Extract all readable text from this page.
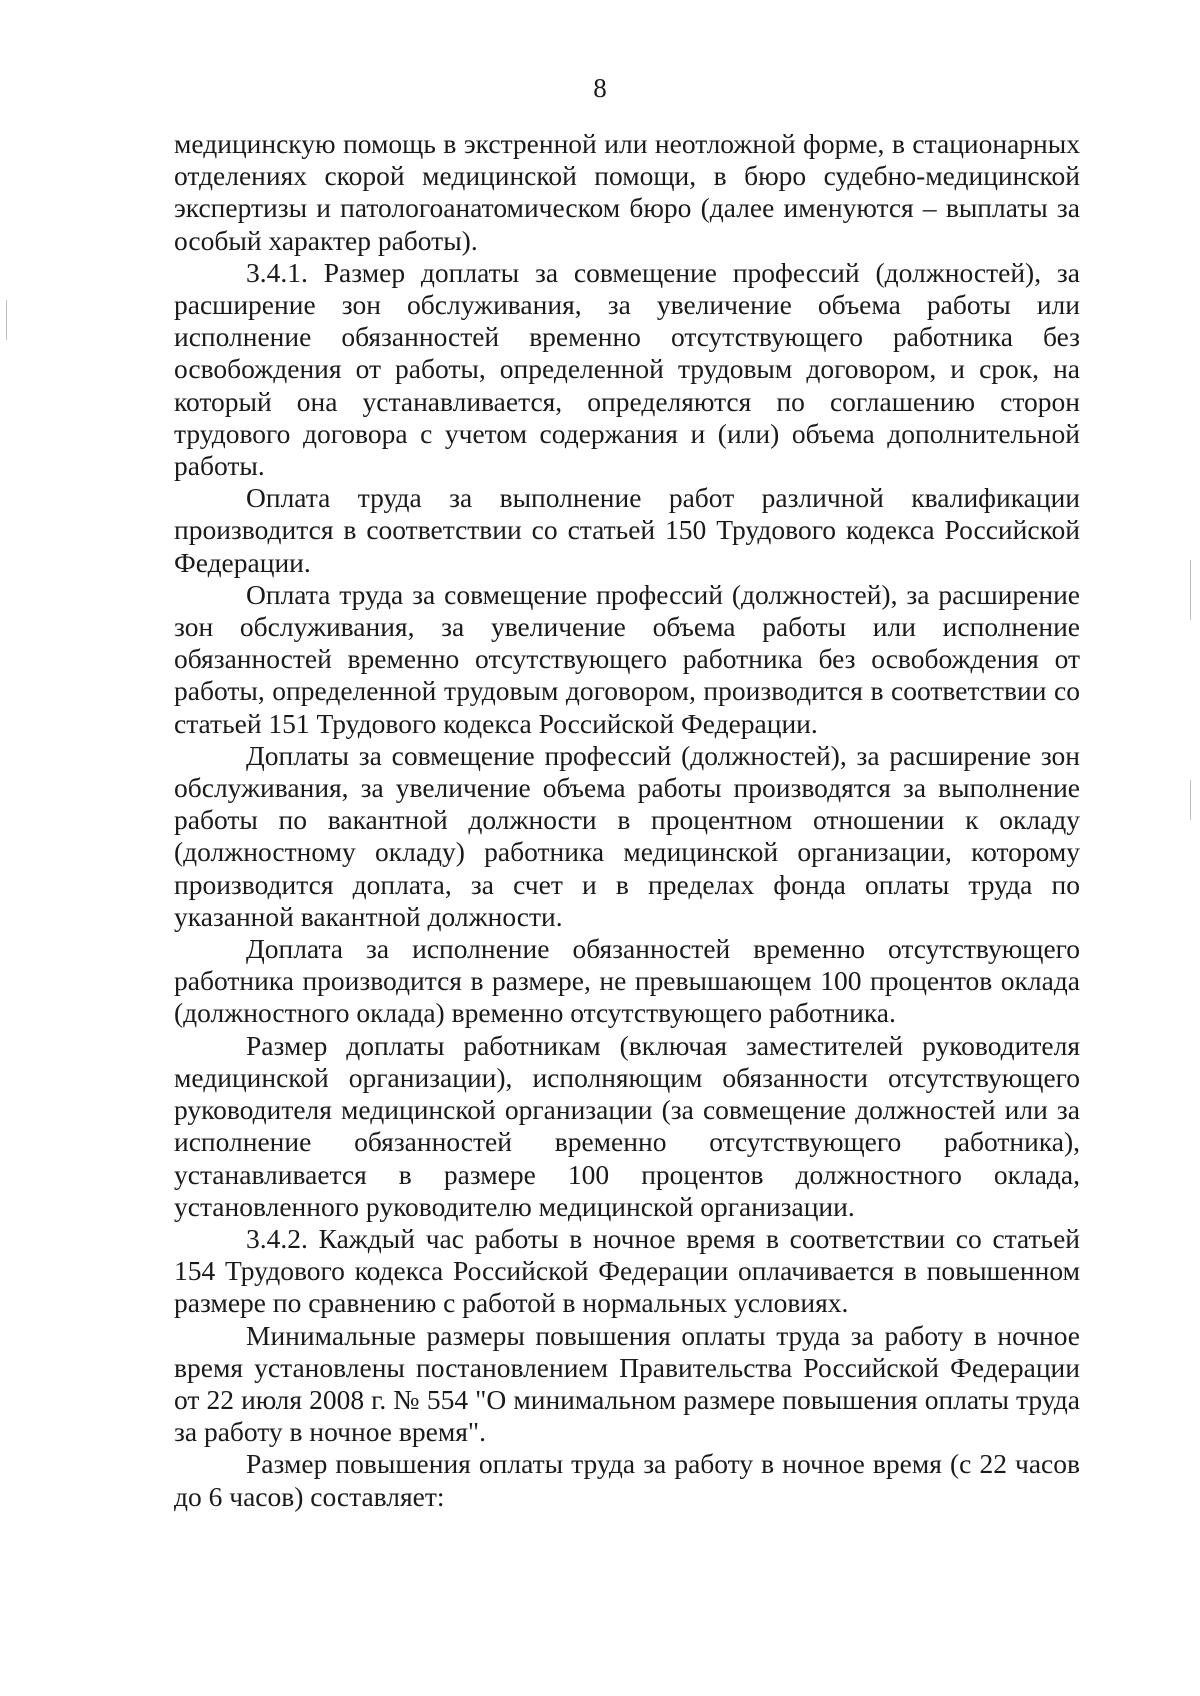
8

медицинскую помощь в экстренной или неотложной форме, в стационарных отделениях скорой медицинской помощи, в бюро судебно-медицинской экспертизы и патологоанатомическом бюро (далее именуются – выплаты за особый характер работы).

3.4.1. Размер доплаты за совмещение профессий (должностей), за расширение зон обслуживания, за увеличение объема работы или исполнение обязанностей временно отсутствующего работника без освобождения от работы, определенной трудовым договором, и срок, на который она устанавливается, определяются по соглашению сторон трудового договора с учетом содержания и (или) объема дополнительной работы.

Оплата труда за выполнение работ различной квалификации производится в соответствии со статьей 150 Трудового кодекса Российской Федерации.

Оплата труда за совмещение профессий (должностей), за расширение зон обслуживания, за увеличение объема работы или исполнение обязанностей временно отсутствующего работника без освобождения от работы, определенной трудовым договором, производится в соответствии со статьей 151 Трудового кодекса Российской Федерации.

Доплаты за совмещение профессий (должностей), за расширение зон обслуживания, за увеличение объема работы производятся за выполнение работы по вакантной должности в процентном отношении к окладу (должностному окладу) работника медицинской организации, которому производится доплата, за счет и в пределах фонда оплаты труда по указанной вакантной должности.

Доплата за исполнение обязанностей временно отсутствующего работника производится в размере, не превышающем 100 процентов оклада (должностного оклада) временно отсутствующего работника.

Размер доплаты работникам (включая заместителей руководителя медицинской организации), исполняющим обязанности отсутствующего руководителя медицинской организации (за совмещение должностей или за исполнение обязанностей временно отсутствующего работника), устанавливается в размере 100 процентов должностного оклада, установленного руководителю медицинской организации.

3.4.2. Каждый час работы в ночное время в соответствии со статьей 154 Трудового кодекса Российской Федерации оплачивается в повышенном размере по сравнению с работой в нормальных условиях.

Минимальные размеры повышения оплаты труда за работу в ночное время установлены постановлением Правительства Российской Федерации от 22 июля 2008 г. № 554 "О минимальном размере повышения оплаты труда за работу в ночное время".

Размер повышения оплаты труда за работу в ночное время (с 22 часов до 6 часов) составляет:
